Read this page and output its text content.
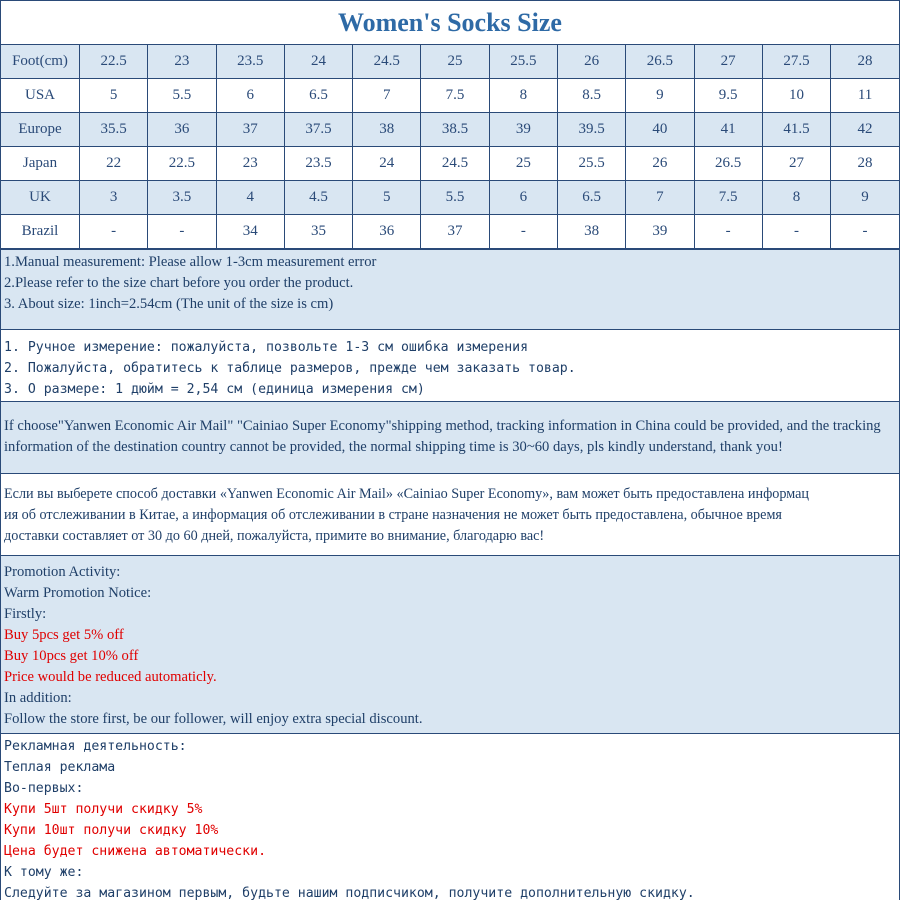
Women's Socks Size
Foot(cm)	22.5	23	23.5	24	24.5	25	25.5	26	26.5	27	27.5	28
USA	5	5.5	6	6.5	7	7.5	8	8.5	9	9.5	10	11
Europe	35.5	36	37	37.5	38	38.5	39	39.5	40	41	41.5	42
Japan	22	22.5	23	23.5	24	24.5	25	25.5	26	26.5	27	28
UK	3	3.5	4	4.5	5	5.5	6	6.5	7	7.5	8	9
Brazil	-	-	34	35	36	37	-	38	39	-	-	-
1.Manual measurement: Please allow 1-3cm measurement error
2.Please refer to the size chart before you order the product.
3. About size: 1inch=2.54cm (The unit of the size is cm)
1. Ручное измерение: пожалуйста, позвольте 1-3 см ошибка измерения
2. Пожалуйста, обратитесь к таблице размеров, прежде чем заказать товар.
3. О размере: 1 дюйм = 2,54 см (единица измерения см)
If choose"Yanwen Economic Air Mail" "Cainiao Super Economy"shipping method, tracking information in China could be provided, and the tracking information of the destination country cannot be provided, the normal shipping time is 30~60 days, pls kindly understand, thank you!
Если вы выберете способ доставки «Yanwen Economic Air Mail» «Cainiao Super Economy», вам может быть предоставлена информац
ия об отслеживании в Китае, а информация об отслеживании в стране назначения не может быть предоставлена, обычное время
доставки составляет от 30 до 60 дней, пожалуйста, примите во внимание, благодарю вас!
Promotion Activity:
Warm Promotion Notice:
Firstly:
Buy 5pcs get 5% off
Buy 10pcs get 10% off
Price would be reduced automaticly.
In addition:
Follow the store first, be our follower, will enjoy extra special discount.
Рекламная деятельность:
Теплая реклама
Во-первых:
Купи 5шт получи скидку 5%
Купи 10шт получи скидку 10%
Цена будет снижена автоматически.
К тому же:
Следуйте за магазином первым, будьте нашим подписчиком, получите дополнительную скидку.
